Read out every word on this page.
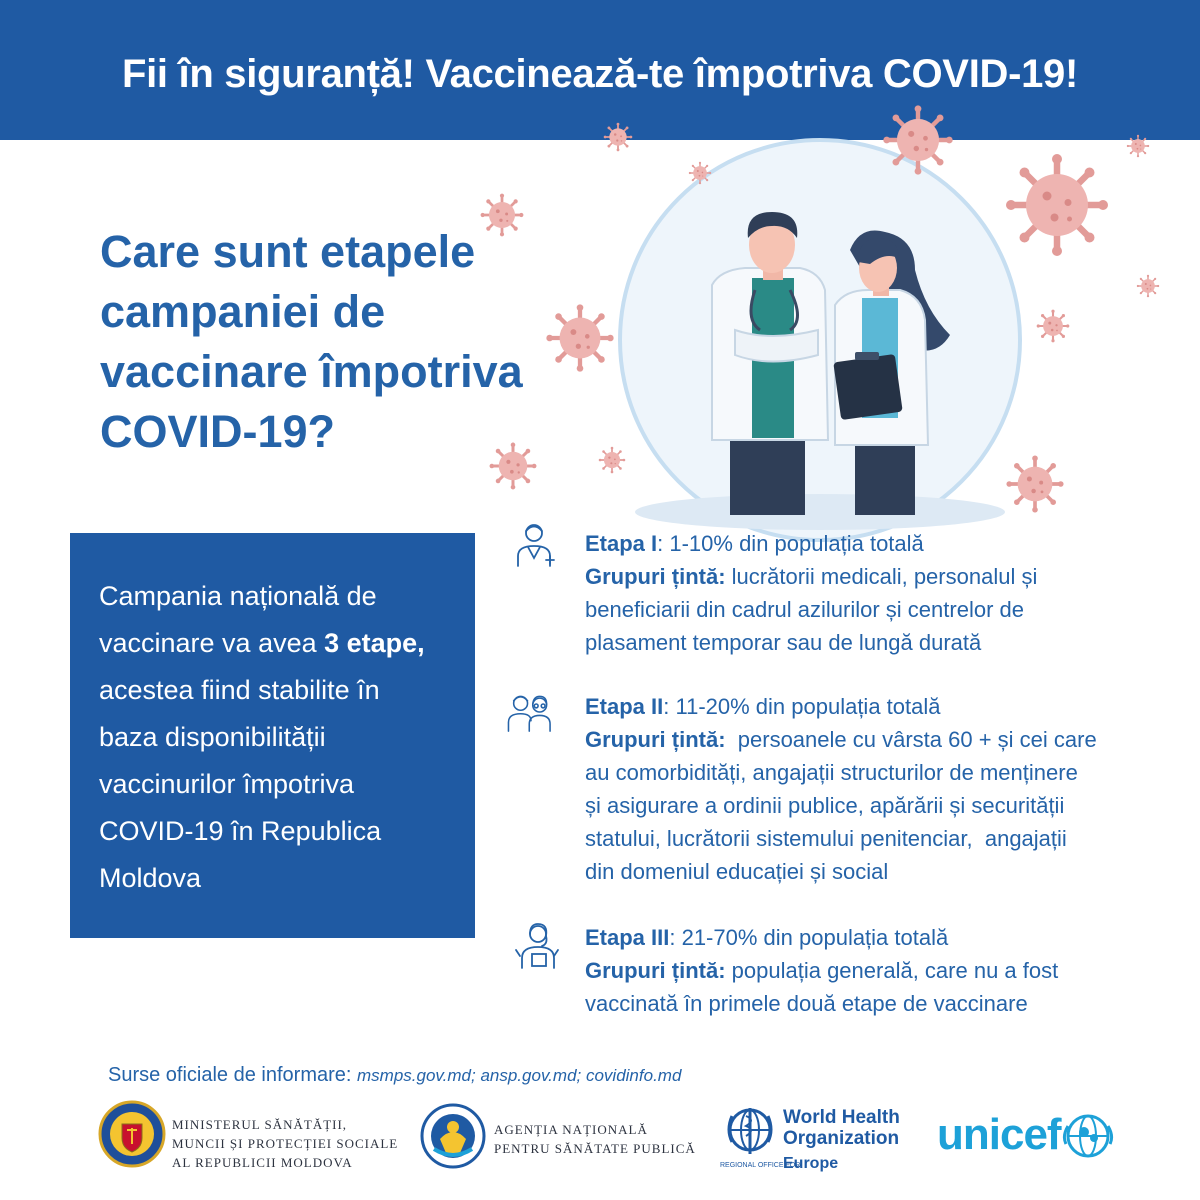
Fii în siguranță! Vaccinează-te împotriva COVID-19!
Care sunt etapele
campaniei de
vaccinare împotriva
COVID-19?
Campania națională de
vaccinare va avea 3 etape,
acestea fiind stabilite în
baza disponibilității
vaccinurilor împotriva
COVID-19 în Republica
Moldova
Etapa I: 1-10% din populația totală
Grupuri țintă: lucrătorii medicali, personalul și
beneficiarii din cadrul azilurilor și centrelor de
plasament temporar sau de lungă durată
Etapa II: 11-20% din populația totală
Grupuri țintă:  persoanele cu vârsta 60 + și cei care
au comorbidități, angajații structurilor de menținere
și asigurare a ordinii publice, apărării și securității
statului, lucrătorii sistemului penitenciar,  angajații
din domeniul educației și social
Etapa III: 21-70% din populația totală
Grupuri țintă: populația generală, care nu a fost
vaccinată în primele două etape de vaccinare
Surse oficiale de informare: msmps.gov.md; ansp.gov.md; covidinfo.md
MINISTERUL SĂNĂTĂȚII,
MUNCII ȘI PROTECȚIEI SOCIALE
AL REPUBLICII MOLDOVA
AGENȚIA NAȚIONALĂ
PENTRU SĂNĂTATE PUBLICĂ
World Health
Organization
REGIONAL OFFICE FOR
Europe
unicef
